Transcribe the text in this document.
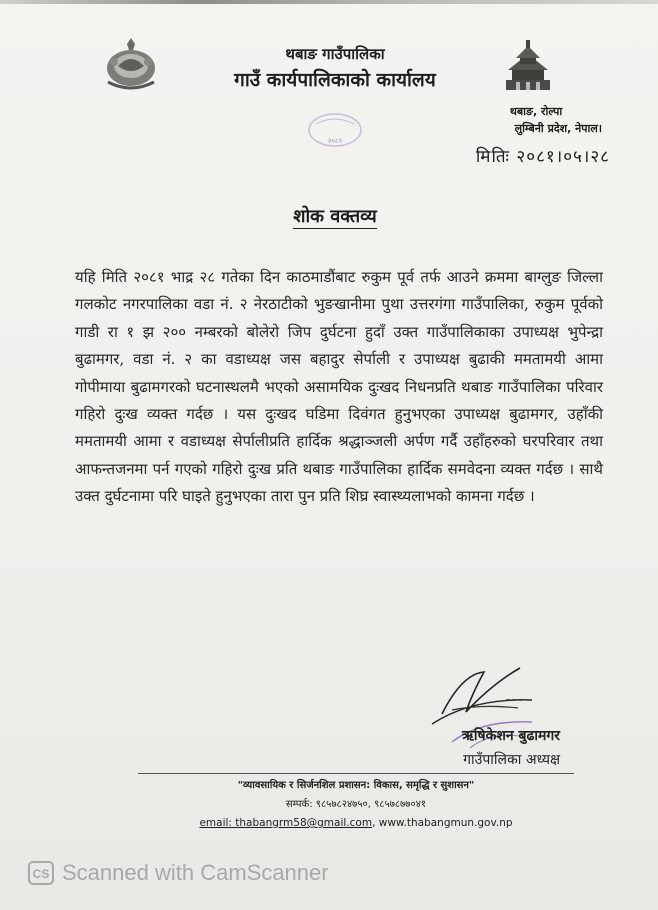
थबाङ गाउँपालिका
गाउँ कार्यपालिकाको कार्यालय
२०८१
थबाङ, रोल्पा
लुम्बिनी प्रदेश, नेपाल।
मितिः २०८१।०५।२८
शोक वक्तव्य
यहि मिति २०८१ भाद्र २८ गतेका दिन काठमाडौंबाट रुकुम पूर्व तर्फ आउने क्रममा बाग्लुङ जिल्ला गलकोट नगरपालिका वडा नं. २ नेरठाटीको भुङखानीमा पुथा उत्तरगंगा गाउँपालिका, रुकुम पूर्वको गाडी रा १ झ २०० नम्बरको बोलेरो जिप दुर्घटना हुदाँ उक्त गाउँपालिकाका उपाध्यक्ष भुपेन्द्रा बुढामगर, वडा नं. २ का वडाध्यक्ष जस बहादुर सेर्पाली र उपाध्यक्ष बुढाकी ममतामयी आमा गोपीमाया बुढामगरको घटनास्थलमै भएको असामयिक दुःखद निधनप्रति थबाङ गाउँपालिका परिवार गहिरो दुःख व्यक्त गर्दछ । यस दुःखद घडिमा दिवंगत हुनुभएका उपाध्यक्ष बुढामगर, उहाँकी ममतामयी आमा र वडाध्यक्ष सेर्पालीप्रति हार्दिक श्रद्धाञ्जली अर्पण गर्दै उहाँहरुको घरपरिवार तथा आफन्तजनमा पर्न गएको गहिरो दुःख प्रति थबाङ गाउँपालिका हार्दिक समवेदना व्यक्त गर्दछ । साथै उक्त दुर्घटनामा परि घाइते हुनुभएका तारा पुन प्रति शिघ्र स्वास्थ्यलाभको कामना गर्दछ ।
ऋषिकेशन बुढामगर
गाउँपालिका अध्यक्ष
"व्यावसायिक र सिर्जनशिल प्रशासन: विकास, समृद्धि र सुशासन"
सम्पर्क: ९८५७८२४७५०, ९८५७८७७०४१
email: thabangrm58@gmail.com, www.thabangmun.gov.np
CS Scanned with CamScanner
